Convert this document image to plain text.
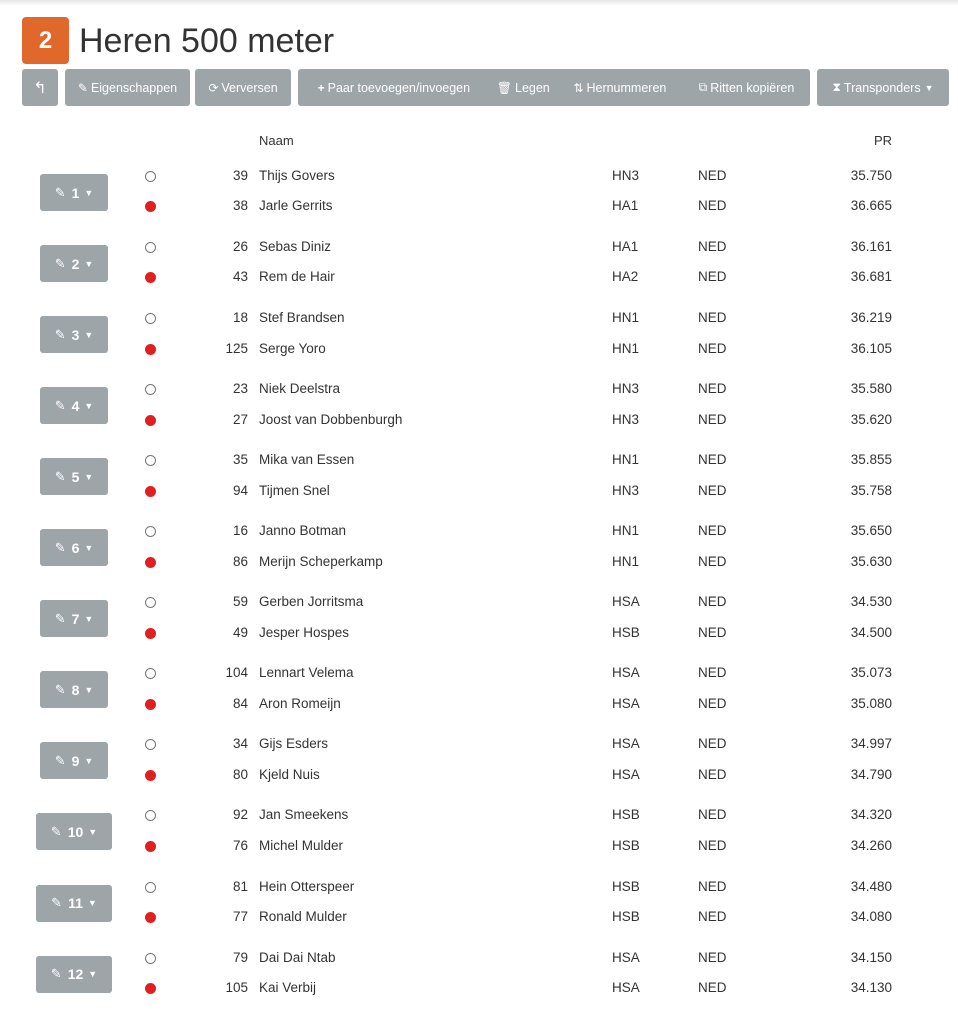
2 Heren 500 meter
↰	✎ Eigenschappen	⟳ Verversen	+ Paar toevoegen/invoegen 🗑 Legen ⇅ Hernummeren	⧉ Ritten kopiëren	⧗ Transponders ▼
Naam	PR
✎ 1 ▼
39 Thijs Govers	HN3	NED	35.750
38 Jarle Gerrits	HA1	NED	36.665
✎ 2 ▼
26 Sebas Diniz	HA1	NED	36.161
43 Rem de Hair	HA2	NED	36.681
✎ 3 ▼
18 Stef Brandsen	HN1	NED	36.219
125 Serge Yoro	HN1	NED	36.105
✎ 4 ▼
23 Niek Deelstra	HN3	NED	35.580
27 Joost van Dobbenburgh	HN3	NED	35.620
✎ 5 ▼
35 Mika van Essen	HN1	NED	35.855
94 Tijmen Snel	HN3	NED	35.758
✎ 6 ▼
16 Janno Botman	HN1	NED	35.650
86 Merijn Scheperkamp	HN1	NED	35.630
✎ 7 ▼
59 Gerben Jorritsma	HSA	NED	34.530
49 Jesper Hospes	HSB	NED	34.500
✎ 8 ▼
104 Lennart Velema	HSA	NED	35.073
84 Aron Romeijn	HSA	NED	35.080
✎ 9 ▼
34 Gijs Esders	HSA	NED	34.997
80 Kjeld Nuis	HSA	NED	34.790
✎ 10 ▼
92 Jan Smeekens	HSB	NED	34.320
76 Michel Mulder	HSB	NED	34.260
✎ 11 ▼
81 Hein Otterspeer	HSB	NED	34.480
77 Ronald Mulder	HSB	NED	34.080
✎ 12 ▼
79 Dai Dai Ntab	HSA	NED	34.150
105 Kai Verbij	HSA	NED	34.130
